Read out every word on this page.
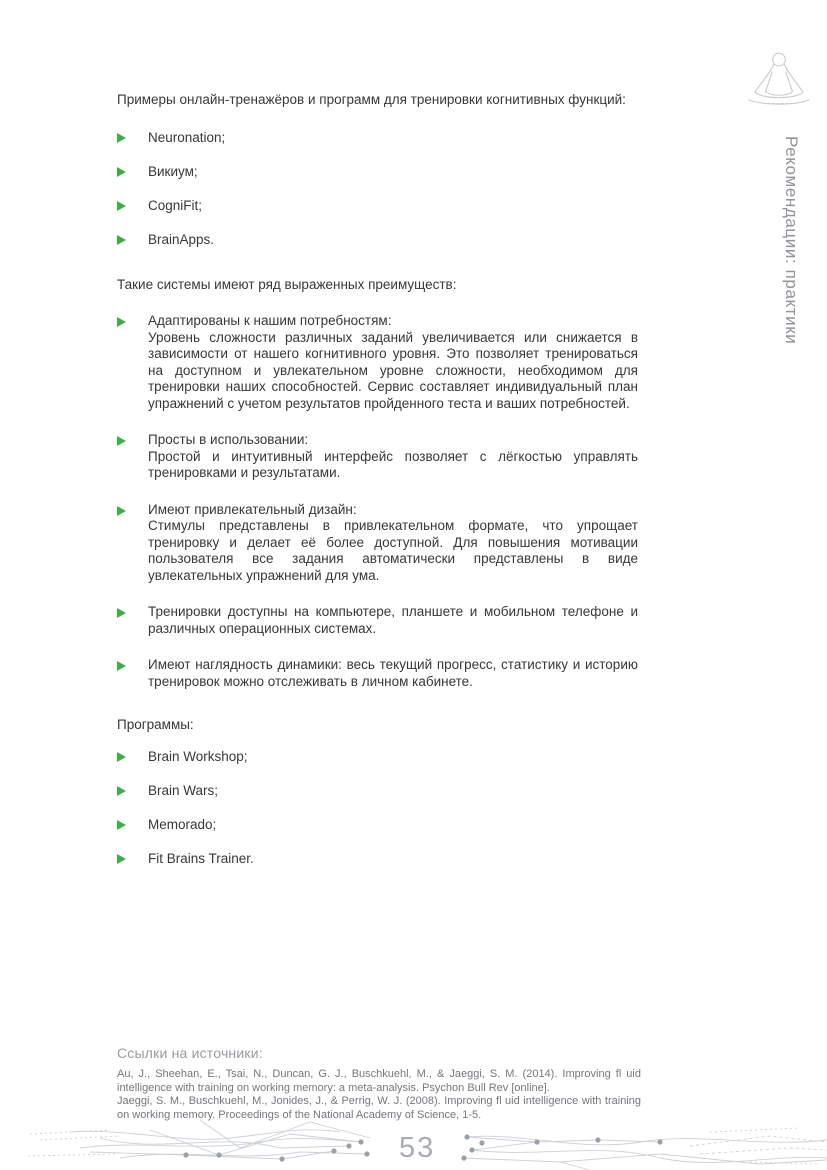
Рекомендации: практики

Примеры онлайн-тренажёров и программ для тренировки когнитивных функций:

Neuronation;
Викиум;
CogniFit;
BrainApps.

Такие системы имеют ряд выраженных преимуществ:

Адаптированы к нашим потребностям:
Уровень сложности различных заданий увеличивается или снижается в зависимости от нашего когнитивного уровня. Это позволяет тренироваться на доступном и увлекательном уровне сложности, необходимом для тренировки наших способностей. Сервис составляет индивидуальный план упражнений с учетом результатов пройденного теста и ваших потребностей.
Просты в использовании:
Простой и интуитивный интерфейс позволяет с лёгкостью управлять тренировками и результатами.
Имеют привлекательный дизайн:
Стимулы представлены в привлекательном формате, что упрощает тренировку и делает её более доступной. Для повышения мотивации пользователя все задания автоматически представлены в виде увлекательных упражнений для ума.
Тренировки доступны на компьютере, планшете и мобильном телефоне и различных операционных системах.
Имеют наглядность динамики: весь текущий прогресс, статистику и историю тренировок можно отслеживать в личном кабинете.

Программы:

Brain Workshop;
Brain Wars;
Memorado;
Fit Brains Trainer.
Ссылки на источники:

Au, J., Sheehan, E., Tsai, N., Duncan, G. J., Buschkuehl, M., & Jaeggi, S. M. (2014). Improving fl uid intelligence with training on working memory: a meta-analysis. Psychon Bull Rev [online].

Jaeggi, S. M., Buschkuehl, M., Jonides, J., & Perrig, W. J. (2008). Improving fl uid intelligence with training on working memory. Proceedings of the National Academy of Science, 1-5.

53
